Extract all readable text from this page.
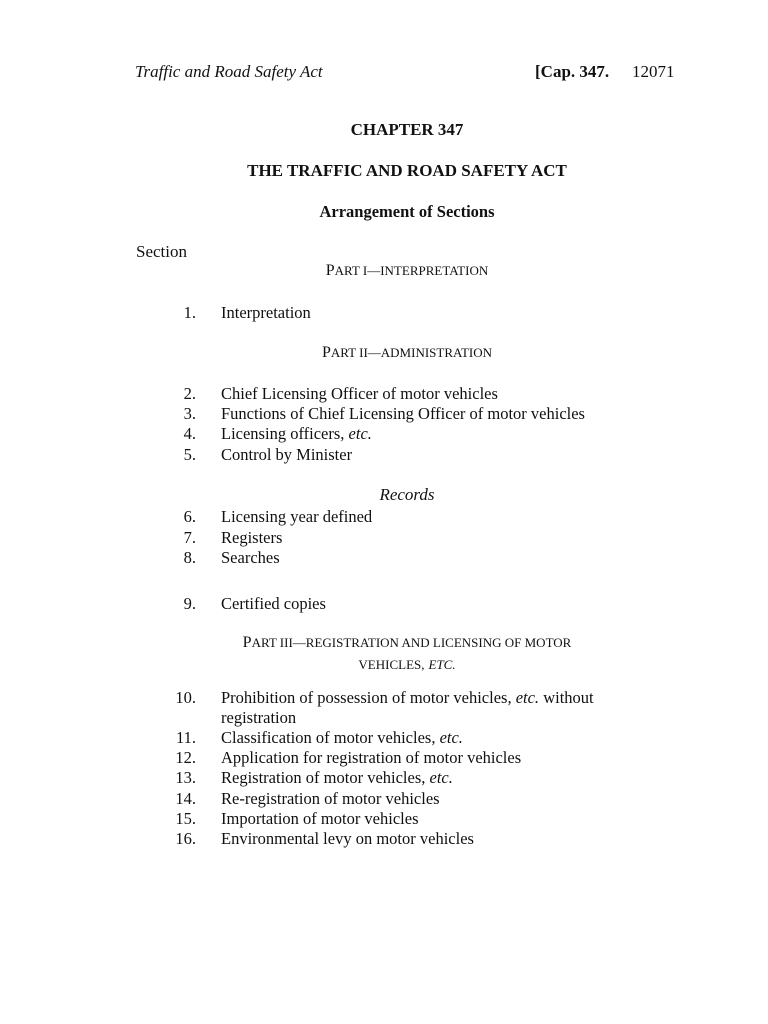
Traffic and Road Safety Act	[Cap. 347. 12071
CHAPTER 347
THE TRAFFIC AND ROAD SAFETY ACT
Arrangement of Sections
Section
PART I—INTERPRETATION
1. Interpretation
PART II—ADMINISTRATION
2. Chief Licensing Officer of motor vehicles
3. Functions of Chief Licensing Officer of motor vehicles
4. Licensing officers, etc.
5. Control by Minister
Records
6. Licensing year defined
7. Registers
8. Searches
9. Certified copies
PART III—REGISTRATION AND LICENSING OF MOTOR
VEHICLES, ETC.
10. Prohibition of possession of motor vehicles, etc. without
registration
11. Classification of motor vehicles, etc.
12. Application for registration of motor vehicles
13. Registration of motor vehicles, etc.
14. Re-registration of motor vehicles
15. Importation of motor vehicles
16. Environmental levy on motor vehicles
